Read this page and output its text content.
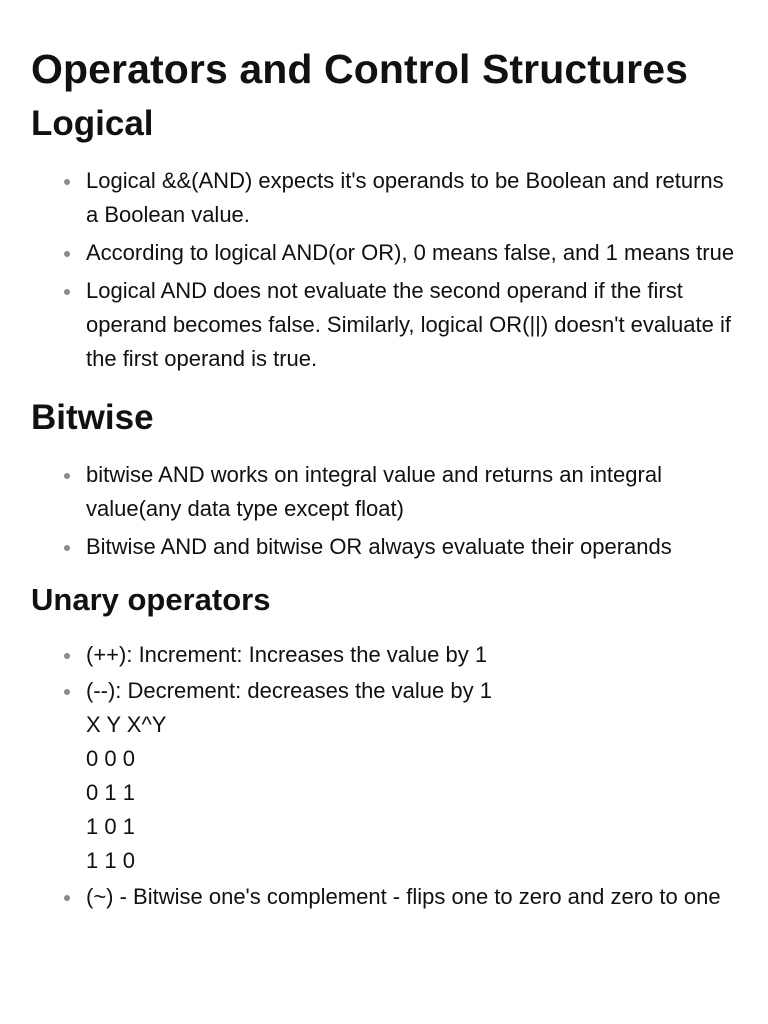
Operators and Control Structures
Logical
Logical &&(AND) expects it's operands to be Boolean and returns a Boolean value.
According to logical AND(or OR), 0 means false, and 1 means true
Logical AND does not evaluate the second operand if the first operand becomes false. Similarly, logical OR(||) doesn't evaluate if the first operand is true.
Bitwise
bitwise AND works on integral value and returns an integral value(any data type except float)
Bitwise AND and bitwise OR always evaluate their operands
Unary operators
(++): Increment: Increases the value by 1
(--): Decrement: decreases the value by 1
X Y X^Y
0 0 0
0 1 1
1 0 1
1 1 0
(~) - Bitwise one's complement - flips one to zero and zero to one
